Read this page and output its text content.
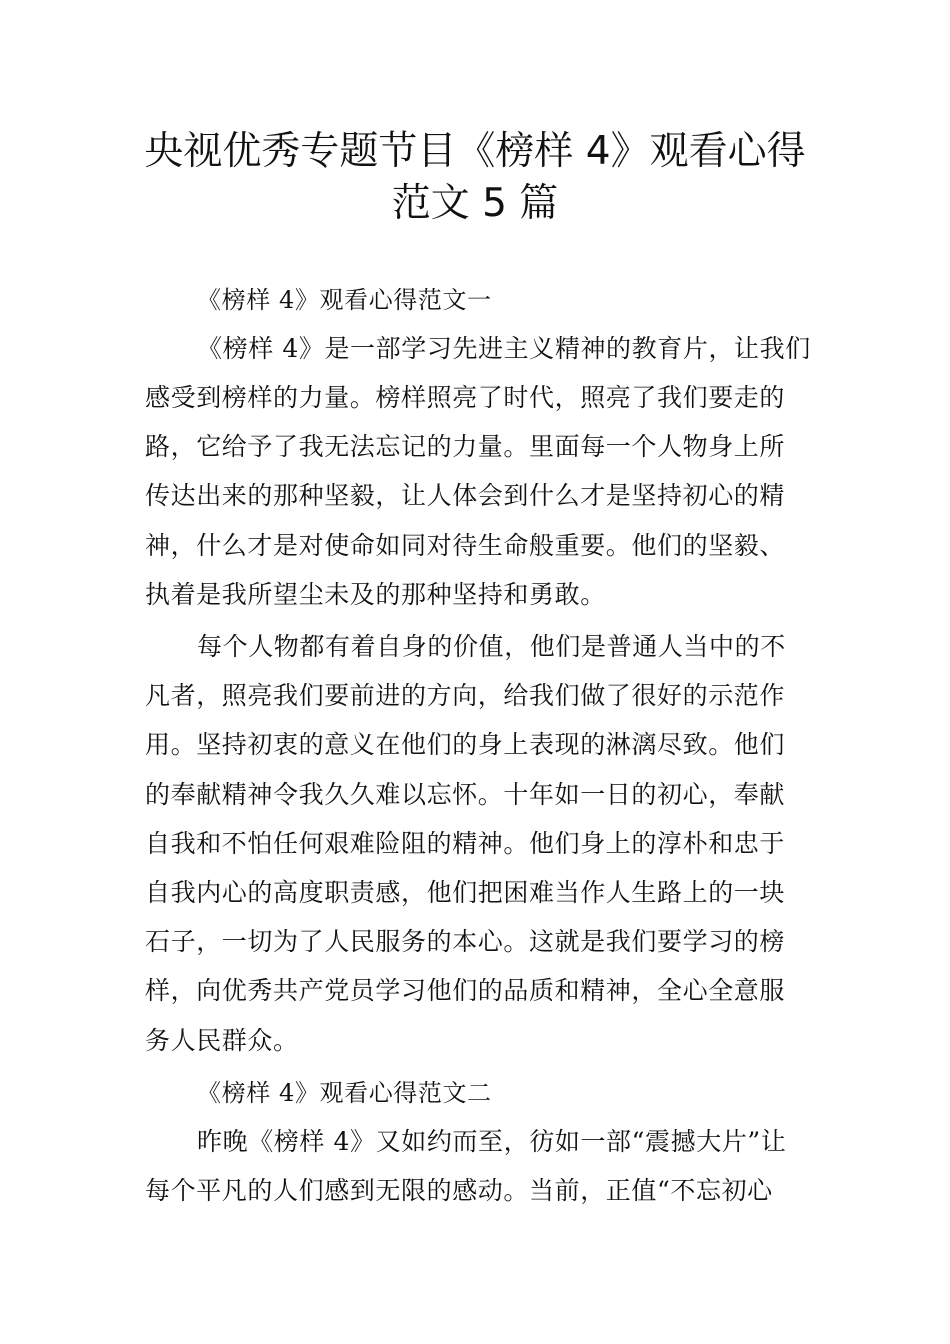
央视优秀专题节目《榜样 4》观看心得
范文 5 篇
《榜样 4》观看心得范文一
《榜样 4》是一部学习先进主义精神的教育片，让我们
感受到榜样的力量。榜样照亮了时代，照亮了我们要走的
路，它给予了我无法忘记的力量。里面每一个人物身上所
传达出来的那种坚毅，让人体会到什么才是坚持初心的精
神，什么才是对使命如同对待生命般重要。他们的坚毅、
执着是我所望尘未及的那种坚持和勇敢。
每个人物都有着自身的价值，他们是普通人当中的不
凡者，照亮我们要前进的方向，给我们做了很好的示范作
用。坚持初衷的意义在他们的身上表现的淋漓尽致。他们
的奉献精神令我久久难以忘怀。十年如一日的初心，奉献
自我和不怕任何艰难险阻的精神。他们身上的淳朴和忠于
自我内心的高度职责感，他们把困难当作人生路上的一块
石子，一切为了人民服务的本心。这就是我们要学习的榜
样，向优秀共产党员学习他们的品质和精神，全心全意服
务人民群众。
《榜样 4》观看心得范文二
昨晚《榜样 4》又如约而至，彷如一部“震撼大片”让
每个平凡的人们感到无限的感动。当前，正值“不忘初心
